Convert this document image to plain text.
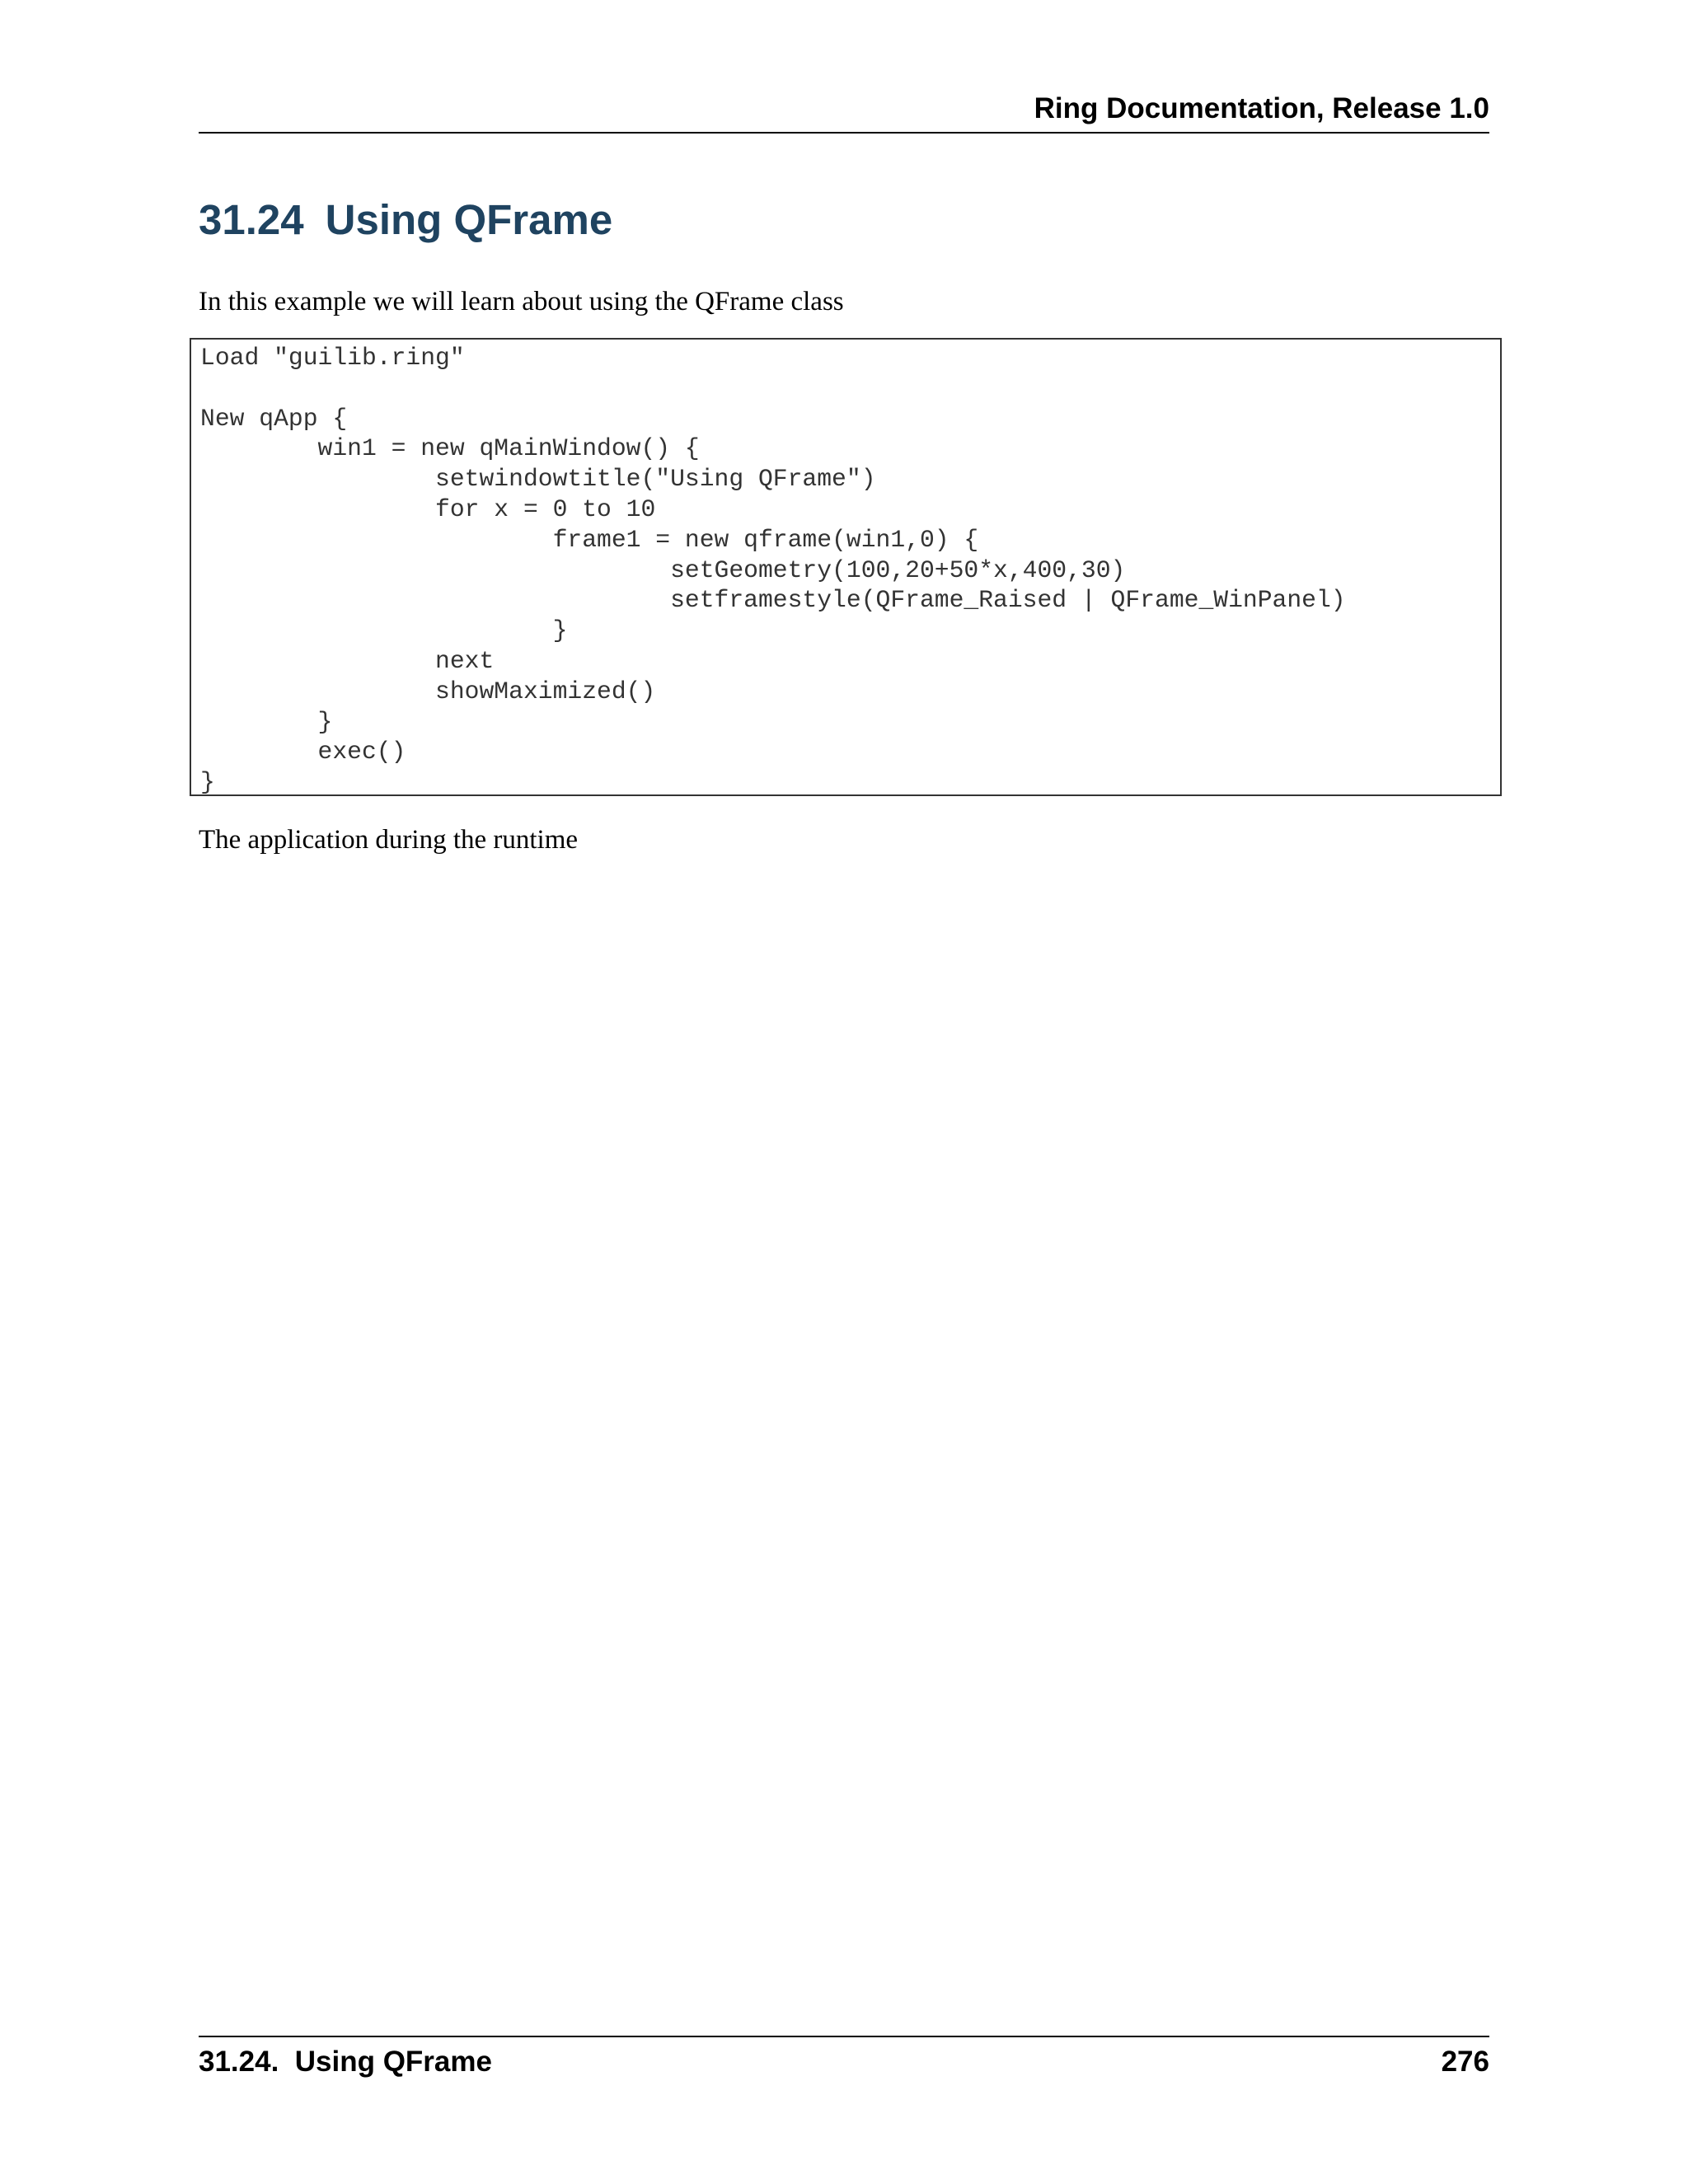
Ring Documentation, Release 1.0
31.24 Using QFrame

In this example we will learn about using the QFrame class

Load "guilib.ring"
New qApp {
win1 = new qMainWindow() {
setwindowtitle("Using QFrame")
for x = 0 to 10
frame1 = new qframe(win1,0) {
setGeometry(100,20+50*x,400,30)
setframestyle(QFrame_Raised | QFrame_WinPanel)
}
next
showMaximized()
}
exec()
}

The application during the runtime

31.24.  Using QFrame	276
